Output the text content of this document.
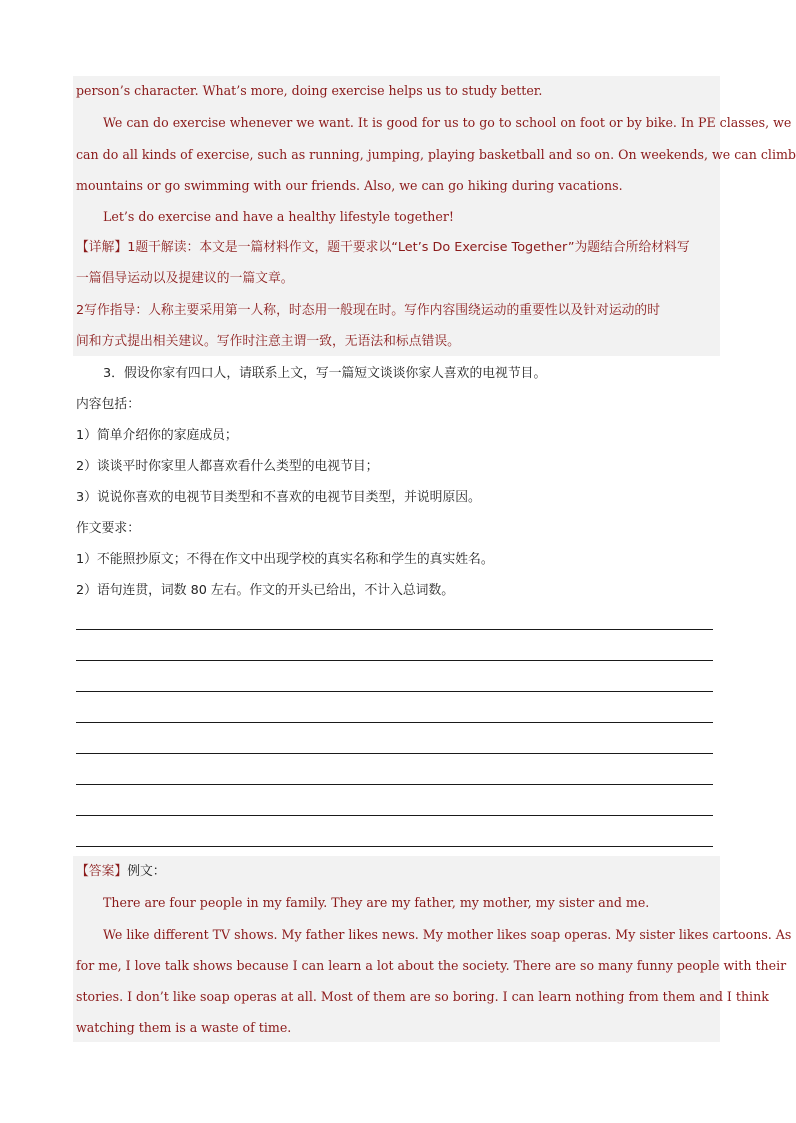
person’s character. What’s more, doing exercise helps us to study better.
We can do exercise whenever we want. It is good for us to go to school on foot or by bike. In PE classes, we
can do all kinds of exercise, such as running, jumping, playing basketball and so on. On weekends, we can climb
mountains or go swimming with our friends. Also, we can go hiking during vacations.
Let’s do exercise and have a healthy lifestyle together!
【详解】1题干解读：本文是一篇材料作文，题干要求以“Let’s Do Exercise Together”为题结合所给材料写
一篇倡导运动以及提建议的一篇文章。
2写作指导：人称主要采用第一人称，时态用一般现在时。写作内容围绕运动的重要性以及针对运动的时
间和方式提出相关建议。写作时注意主谓一致，无语法和标点错误。
3．假设你家有四口人，请联系上文，写一篇短文谈谈你家人喜欢的电视节目。
内容包括：
1）简单介绍你的家庭成员；
2）谈谈平时你家里人都喜欢看什么类型的电视节目；
3）说说你喜欢的电视节目类型和不喜欢的电视节目类型，并说明原因。
作文要求：
1）不能照抄原文；不得在作文中出现学校的真实名称和学生的真实姓名。
2）语句连贯，词数 80 左右。作文的开头已给出，不计入总词数。
【答案】例文：
There are four people in my family. They are my father, my mother, my sister and me.
We like different TV shows. My father likes news. My mother likes soap operas. My sister likes cartoons. As
for me, I love talk shows because I can learn a lot about the society. There are so many funny people with their
stories. I don’t like soap operas at all. Most of them are so boring. I can learn nothing from them and I think
watching them is a waste of time.
